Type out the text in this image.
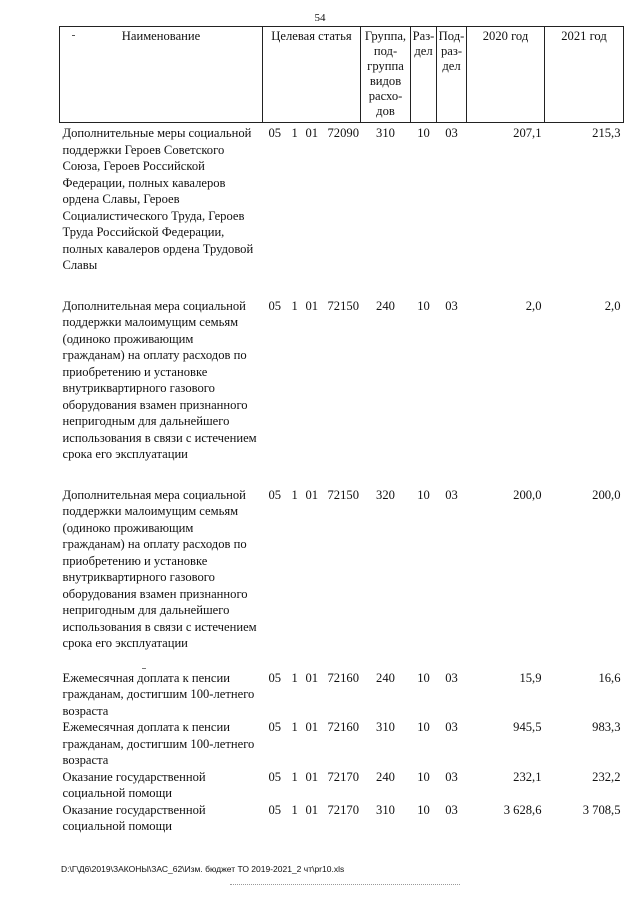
54
Наименование	Целевая статья	Группа, под-группа видов расхо-дов	Раз-дел	Под-раз-дел	2020 год	2021 год
Дополнительные меры социальной поддержки Героев Советского Союза, Героев Российской Федерации, полных кавалеров ордена Славы, Героев Социалистического Труда, Героев Труда Российской Федерации, полных кавалеров ордена Трудовой Славы	05 1 01 72090	310	10	03	207,1	215,3

Дополнительная мера социальной поддержки малоимущим семьям (одиноко проживающим гражданам) на оплату расходов по приобретению и установке внутриквартирного газового оборудования взамен признанного непригодным для дальнейшего использования в связи с истечением срока его эксплуатации	05 1 01 72150	240	10	03	2,0	2,0

Дополнительная мера социальной поддержки малоимущим семьям (одиноко проживающим гражданам) на оплату расходов по приобретению и установке внутриквартирного газового оборудования взамен признанного непригодным для дальнейшего использования в связи с истечением срока его эксплуатации	05 1 01 72150	320	10	03	200,0	200,0

Ежемесячная доплата к пенсии гражданам, достигшим 100-летнего возраста	05 1 01 72160	240	10	03	15,9	16,6
Ежемесячная доплата к пенсии гражданам, достигшим 100-летнего возраста	05 1 01 72160	310	10	03	945,5	983,3
Оказание государственной социальной помощи	05 1 01 72170	240	10	03	232,1	232,2
Оказание государственной социальной помощи	05 1 01 72170	310	10	03	3 628,6	3 708,5
D:\Г\Д6\2019\ЗАКОНЫ\ЗАС_62\Изм. бюджет ТО 2019-2021_2 чт\pr10.xls
